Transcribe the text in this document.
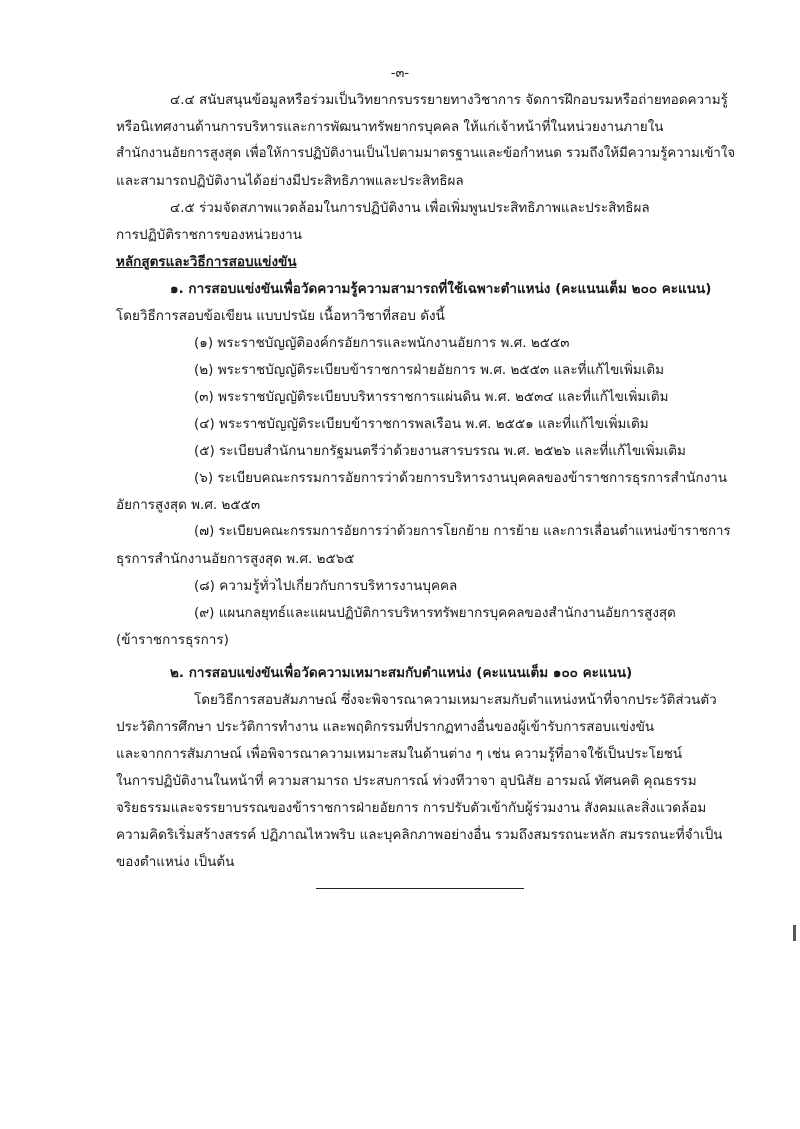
-๓-
๔.๔ สนับสนุนข้อมูลหรือร่วมเป็นวิทยากรบรรยายทางวิชาการ จัดการฝึกอบรมหรือถ่ายทอดความรู้
หรือนิเทศงานด้านการบริหารและการพัฒนาทรัพยากรบุคคล ให้แก่เจ้าหน้าที่ในหน่วยงานภายใน
สำนักงานอัยการสูงสุด เพื่อให้การปฏิบัติงานเป็นไปตามมาตรฐานและข้อกำหนด รวมถึงให้มีความรู้ความเข้าใจ
และสามารถปฏิบัติงานได้อย่างมีประสิทธิภาพและประสิทธิผล
๔.๕ ร่วมจัดสภาพแวดล้อมในการปฏิบัติงาน เพื่อเพิ่มพูนประสิทธิภาพและประสิทธิผล
การปฏิบัติราชการของหน่วยงาน
หลักสูตรและวิธีการสอบแข่งขัน
๑. การสอบแข่งขันเพื่อวัดความรู้ความสามารถที่ใช้เฉพาะตำแหน่ง (คะแนนเต็ม ๒๐๐ คะแนน)
โดยวิธีการสอบข้อเขียน แบบปรนัย เนื้อหาวิชาที่สอบ ดังนี้
(๑) พระราชบัญญัติองค์กรอัยการและพนักงานอัยการ พ.ศ. ๒๕๕๓
(๒) พระราชบัญญัติระเบียบข้าราชการฝ่ายอัยการ พ.ศ. ๒๕๕๓ และที่แก้ไขเพิ่มเติม
(๓) พระราชบัญญัติระเบียบบริหารราชการแผ่นดิน พ.ศ. ๒๕๓๔ และที่แก้ไขเพิ่มเติม
(๔) พระราชบัญญัติระเบียบข้าราชการพลเรือน พ.ศ. ๒๕๕๑ และที่แก้ไขเพิ่มเติม
(๕) ระเบียบสำนักนายกรัฐมนตรีว่าด้วยงานสารบรรณ พ.ศ. ๒๕๒๖ และที่แก้ไขเพิ่มเติม
(๖) ระเบียบคณะกรรมการอัยการว่าด้วยการบริหารงานบุคคลของข้าราชการธุรการสำนักงาน
อัยการสูงสุด พ.ศ. ๒๕๕๓
(๗) ระเบียบคณะกรรมการอัยการว่าด้วยการโยกย้าย การย้าย และการเลื่อนตำแหน่งข้าราชการ
ธุรการสำนักงานอัยการสูงสุด พ.ศ. ๒๕๖๕
(๘) ความรู้ทั่วไปเกี่ยวกับการบริหารงานบุคคล
(๙) แผนกลยุทธ์และแผนปฏิบัติการบริหารทรัพยากรบุคคลของสำนักงานอัยการสูงสุด
(ข้าราชการธุรการ)
๒. การสอบแข่งขันเพื่อวัดความเหมาะสมกับตำแหน่ง (คะแนนเต็ม ๑๐๐ คะแนน)
โดยวิธีการสอบสัมภาษณ์ ซึ่งจะพิจารณาความเหมาะสมกับตำแหน่งหน้าที่จากประวัติส่วนตัว
ประวัติการศึกษา ประวัติการทำงาน และพฤติกรรมที่ปรากฏทางอื่นของผู้เข้ารับการสอบแข่งขัน
และจากการสัมภาษณ์ เพื่อพิจารณาความเหมาะสมในด้านต่าง ๆ เช่น ความรู้ที่อาจใช้เป็นประโยชน์
ในการปฏิบัติงานในหน้าที่ ความสามารถ ประสบการณ์ ท่วงทีวาจา อุปนิสัย อารมณ์ ทัศนคติ คุณธรรม
จริยธรรมและจรรยาบรรณของข้าราชการฝ่ายอัยการ การปรับตัวเข้ากับผู้ร่วมงาน สังคมและสิ่งแวดล้อม
ความคิดริเริ่มสร้างสรรค์ ปฏิภาณไหวพริบ และบุคลิกภาพอย่างอื่น รวมถึงสมรรถนะหลัก สมรรถนะที่จำเป็น
ของตำแหน่ง เป็นต้น
